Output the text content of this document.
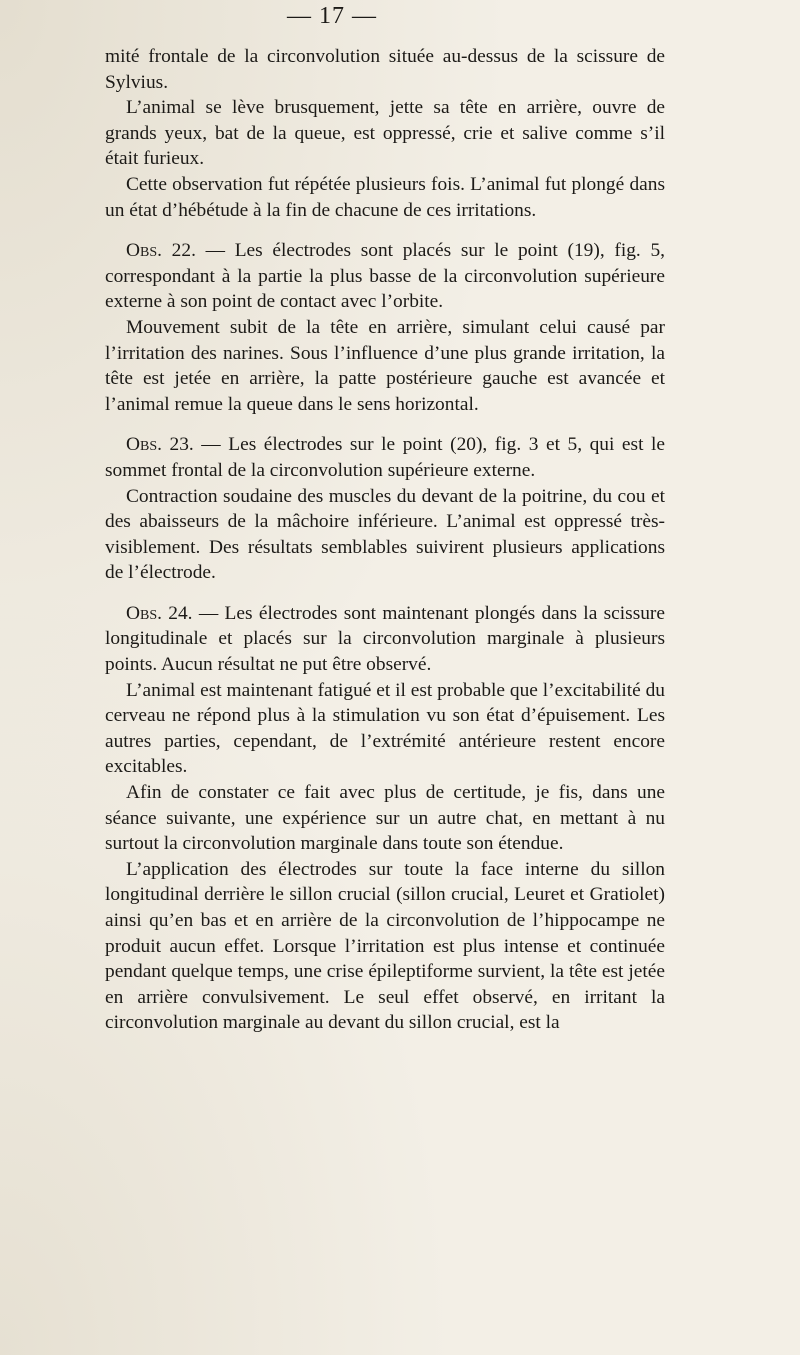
— 17 —

mité frontale de la circonvolution située au-dessus de la scissure de Sylvius.

L’animal se lève brusquement, jette sa tête en arrière, ouvre de grands yeux, bat de la queue, est oppressé, crie et salive comme s’il était furieux.

Cette observation fut répétée plusieurs fois. L’animal fut plongé dans un état d’hébétude à la fin de chacune de ces irritations.

Obs. 22. — Les électrodes sont placés sur le point (19), fig. 5, correspondant à la partie la plus basse de la circonvolution supérieure externe à son point de contact avec l’orbite.

Mouvement subit de la tête en arrière, simulant celui causé par l’irritation des narines. Sous l’influence d’une plus grande irritation, la tête est jetée en arrière, la patte postérieure gauche est avancée et l’animal remue la queue dans le sens horizontal.

Obs. 23. — Les électrodes sur le point (20), fig. 3 et 5, qui est le sommet frontal de la circonvolution supérieure externe.

Contraction soudaine des muscles du devant de la poitrine, du cou et des abaisseurs de la mâchoire inférieure. L’animal est oppressé très-visiblement. Des résultats semblables suivirent plusieurs applications de l’électrode.

Obs. 24. — Les électrodes sont maintenant plongés dans la scissure longitudinale et placés sur la circonvolution marginale à plusieurs points. Aucun résultat ne put être observé.

L’animal est maintenant fatigué et il est probable que l’excitabilité du cerveau ne répond plus à la stimulation vu son état d’épuisement. Les autres parties, cependant, de l’extrémité antérieure restent encore excitables.

Afin de constater ce fait avec plus de certitude, je fis, dans une séance suivante, une expérience sur un autre chat, en mettant à nu surtout la circonvolution marginale dans toute son étendue.

L’application des électrodes sur toute la face interne du sillon longitudinal derrière le sillon crucial (sillon crucial, Leuret et Gratiolet) ainsi qu’en bas et en arrière de la circonvolution de l’hippocampe ne produit aucun effet. Lorsque l’irritation est plus intense et continuée pendant quelque temps, une crise épileptiforme survient, la tête est jetée en arrière convulsivement. Le seul effet observé, en irritant la circonvolution marginale au devant du sillon crucial, est la
